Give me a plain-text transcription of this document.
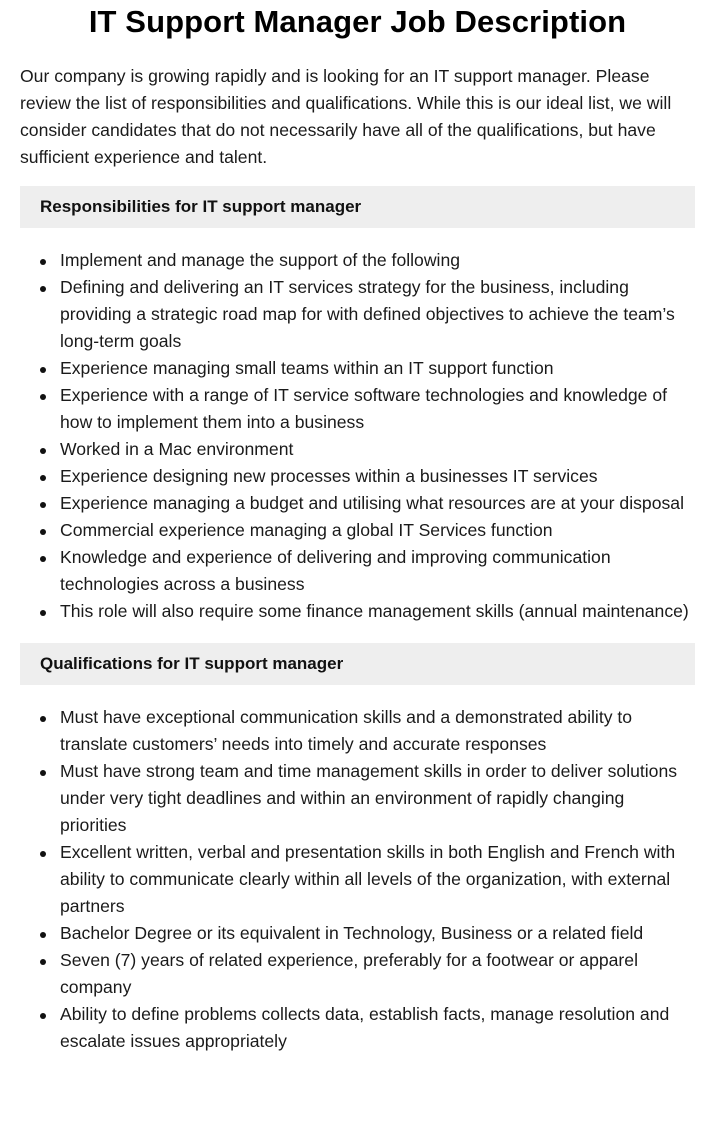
IT Support Manager Job Description

Our company is growing rapidly and is looking for an IT support manager. Please review the list of responsibilities and qualifications. While this is our ideal list, we will consider candidates that do not necessarily have all of the qualifications, but have sufficient experience and talent.

Responsibilities for IT support manager
Implement and manage the support of the following
Defining and delivering an IT services strategy for the business, including providing a strategic road map for with defined objectives to achieve the team’s long-term goals
Experience managing small teams within an IT support function
Experience with a range of IT service software technologies and knowledge of how to implement them into a business
Worked in a Mac environment
Experience designing new processes within a businesses IT services
Experience managing a budget and utilising what resources are at your disposal
Commercial experience managing a global IT Services function
Knowledge and experience of delivering and improving communication technologies across a business
This role will also require some finance management skills (annual maintenance)
Qualifications for IT support manager
Must have exceptional communication skills and a demonstrated ability to translate customers’ needs into timely and accurate responses
Must have strong team and time management skills in order to deliver solutions under very tight deadlines and within an environment of rapidly changing priorities
Excellent written, verbal and presentation skills in both English and French with ability to communicate clearly within all levels of the organization, with external partners
Bachelor Degree or its equivalent in Technology, Business or a related field
Seven (7) years of related experience, preferably for a footwear or apparel company
Ability to define problems collects data, establish facts, manage resolution and escalate issues appropriately
